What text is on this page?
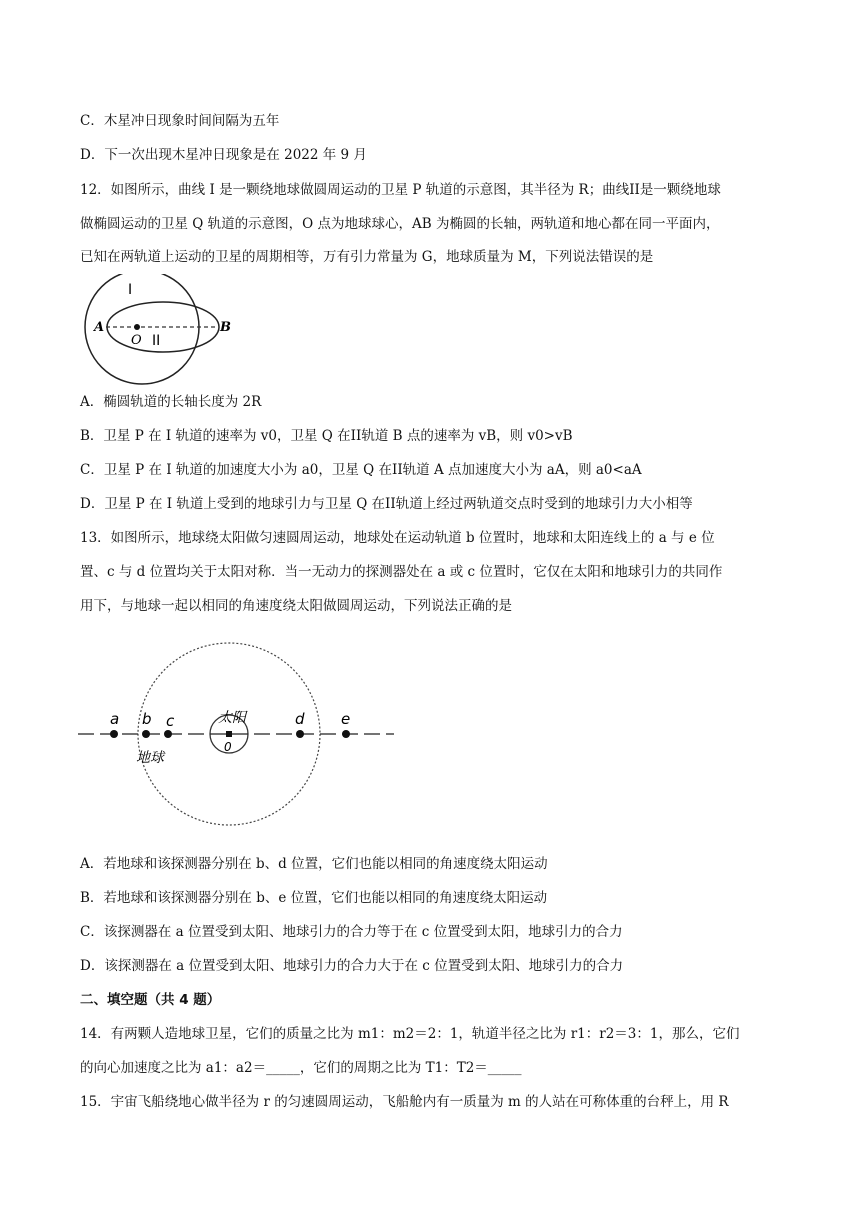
C．木星冲日现象时间间隔为五年
D．下一次出现木星冲日现象是在 2022 年 9 月
12．如图所示，曲线 I 是一颗绕地球做圆周运动的卫星 P 轨道的示意图，其半径为 R；曲线II是一颗绕地球
做椭圆运动的卫星 Q 轨道的示意图，O 点为地球球心，AB 为椭圆的长轴，两轨道和地心都在同一平面内，
已知在两轨道上运动的卫星的周期相等，万有引力常量为 G，地球质量为 M，下列说法错误的是
I
II
A	B
O
A．椭圆轨道的长轴长度为 2R
B．卫星 P 在 I 轨道的速率为 v0，卫星 Q 在II轨道 B 点的速率为 vB，则 v0>vB
C．卫星 P 在 I 轨道的加速度大小为 a0，卫星 Q 在II轨道 A 点加速度大小为 aA，则 a0<aA
D．卫星 P 在 I 轨道上受到的地球引力与卫星 Q 在II轨道上经过两轨道交点时受到的地球引力大小相等
13．如图所示，地球绕太阳做匀速圆周运动，地球处在运动轨道 b 位置时，地球和太阳连线上的 a 与 e 位
置、c 与 d 位置均关于太阳对称．当一无动力的探测器处在 a 或 c 位置时，它仅在太阳和地球引力的共同作
用下，与地球一起以相同的角速度绕太阳做圆周运动，下列说法正确的是
a b c	d e
太阳
0
地球
A．若地球和该探测器分别在 b、d 位置，它们也能以相同的角速度绕太阳运动
B．若地球和该探测器分别在 b、e 位置，它们也能以相同的角速度绕太阳运动
C．该探测器在 a 位置受到太阳、地球引力的合力等于在 c 位置受到太阳，地球引力的合力
D．该探测器在 a 位置受到太阳、地球引力的合力大于在 c 位置受到太阳、地球引力的合力
二、填空题（共 4 题）
14．有两颗人造地球卫星，它们的质量之比为 m1：m2＝2：1，轨道半径之比为 r1：r2＝3：1，那么，它们
的向心加速度之比为 a1：a2＝_____，它们的周期之比为 T1：T2＝_____
15．宇宙飞船绕地心做半径为 r 的匀速圆周运动，飞船舱内有一质量为 m 的人站在可称体重的台秤上，用 R
